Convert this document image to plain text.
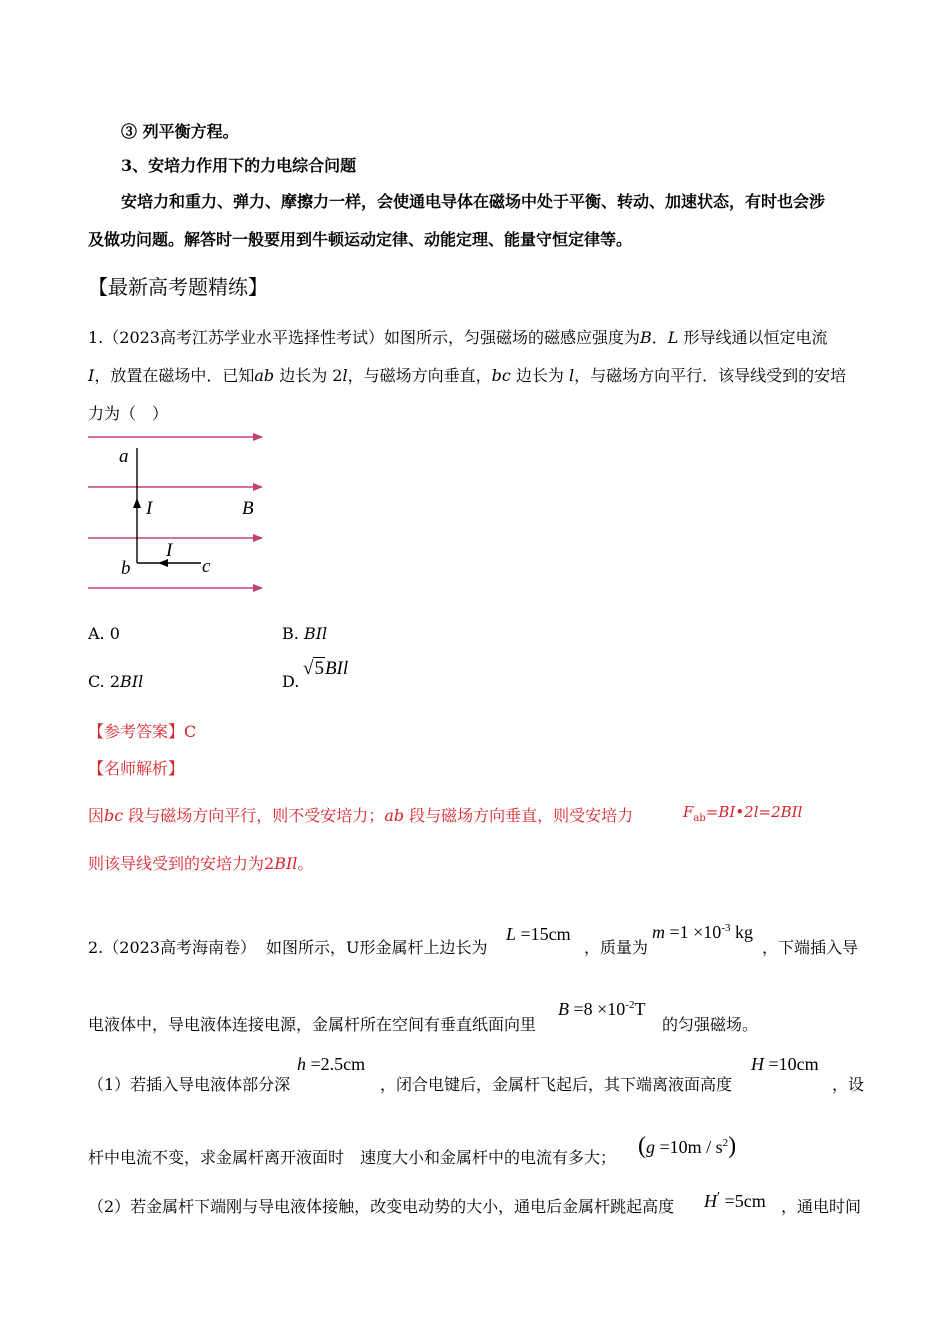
③ 列平衡方程。
3、安培力作用下的力电综合问题
安培力和重力、弹力、摩擦力一样，会使通电导体在磁场中处于平衡、转动、加速状态，有时也会涉
及做功问题。解答时一般要用到牛顿运动定律、动能定理、能量守恒定律等。
【最新高考题精练】
1.（2023高考江苏学业水平选择性考试）如图所示，匀强磁场的磁感应强度为B．L 形导线通以恒定电流
I，放置在磁场中．已知ab 边长为 2l，与磁场方向垂直，bc 边长为 l，与磁场方向平行．该导线受到的安培
力为（　）
a
I	B
I
b	c
A. 0	B. BIl
C. 2BIl	D.
√5BIl
【参考答案】C
【名师解析】
因bc 段与磁场方向平行，则不受安培力；ab 段与磁场方向垂直，则受安培力	$F_{ab}=BI•2l=2BIl$
则该导线受到的安培力为2BIl。
2.（2023高考海南卷） 如图所示，U形金属杆上边长为
L =15cm
，质量为
$m =1 \times 10^{-3}$ kg
，下端插入导
电液体中，导电液体连接电源，金属杆所在空间有垂直纸面向里
$B =8 \times 10^{-2}T$
的匀强磁场。
（1）若插入导电液体部分深
h =2.5cm
，闭合电键后，金属杆飞起后，其下端离液面高度
H =10cm
，设
杆中电流不变，求金属杆离开液面时　速度大小和金属杆中的电流有多大； $(g =10m / s^2)$
（2）若金属杆下端刚与导电液体接触，改变电动势的大小，通电后金属杆跳起高度 H′ =5cm ，通电时间
